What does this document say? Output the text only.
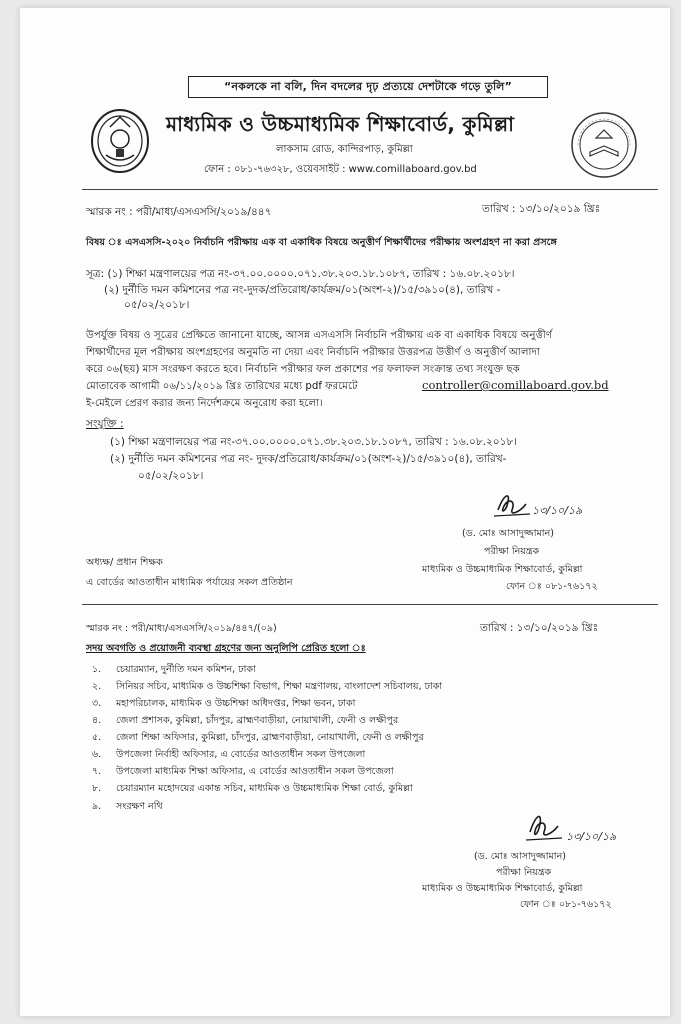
“নকলকে না বলি, দিন বদলের দৃঢ় প্রত্যয়ে দেশটাকে গড়ে তুলি”
মাধ্যমিক ও উচ্চমাধ্যমিক শিক্ষাবোর্ড, কুমিল্লা
লাকসাম রোড, কান্দিরপাড়, কুমিল্লা
ফোন : ০৮১-৭৬৩২৮, ওয়েবসাইট : www.comillaboard.gov.bd
স্মারক নং : পরী/মাধ্য/এসএসসি/২০১৯/৪৪৭	তারিখ : ১৩/১০/২০১৯ খ্রিঃ
বিষয় ঃ এসএসসি-২০২০ নির্বাচনি পরীক্ষায় এক বা একাধিক বিষয়ে অনুত্তীর্ণ শিক্ষার্থীদের পরীক্ষায় অংশগ্রহণ না করা প্রসঙ্গে
সূত্র: (১) শিক্ষা মন্ত্রণালয়ের পত্র নং-৩৭.০০.০০০০.০৭১.৩৮.২০৩.১৮.১০৮৭, তারিখ : ১৬.০৮.২০১৮।
(২) দুর্নীতি দমন কমিশনের পত্র নং-দুদক/প্রতিরোধ/কার্যক্রম/০১(অংশ-২)/১৫/৩৯১০(৪), তারিখ -
০৫/০২/২০১৮।
উপর্যুক্ত বিষয় ও সূত্রের প্রেক্ষিতে জানানো যাচ্ছে, আসন্ন এসএসসি নির্বাচনি পরীক্ষায় এক বা একাধিক বিষয়ে অনুত্তীর্ণ
শিক্ষার্থীদের মূল পরীক্ষায় অংশগ্রহণের অনুমতি না দেয়া এবং নির্বাচনি পরীক্ষার উত্তরপত্র উত্তীর্ণ ও অনুত্তীর্ণ আলাদা
করে ০৬(ছয়) মাস সংরক্ষণ করতে হবে। নির্বাচনি পরীক্ষার ফল প্রকাশের পর ফলাফল সংক্রান্ত তথ্য সংযুক্ত ছক
মোতাবেক আগামী ০৬/১১/২০১৯ খ্রিঃ তারিখের মধ্যে pdf ফরমেটে	controller@comillaboard.gov.bd
ই-মেইলে প্রেরণ করার জন্য নির্দেশক্রমে অনুরোধ করা হলো।
সংযুক্তি :
(১) শিক্ষা মন্ত্রণালয়ের পত্র নং-৩৭.০০.০০০০.০৭১.৩৮.২০৩.১৮.১০৮৭, তারিখ : ১৬.০৮.২০১৮।
(২) দুর্নীতি দমন কমিশনের পত্র নং- দুদক/প্রতিরোধ/কার্যক্রম/০১(অংশ-২)/১৫/৩৯১০(৪), তারিখ-
০৫/০২/২০১৮।
১৩/১০/১৯
(ড. মোঃ আসাদুজ্জামান)
পরীক্ষা নিয়ন্ত্রক
মাধ্যমিক ও উচ্চমাধ্যমিক শিক্ষাবোর্ড, কুমিল্লা
ফোন ঃ ০৮১-৭৬১৭২
অধ্যক্ষ/ প্রধান শিক্ষক
এ বোর্ডের আওতাধীন মাধ্যমিক পর্যায়ের সকল প্রতিষ্ঠান
স্মারক নং : পরী/মাধ্য/এসএসসি/২০১৯/৪৪৭/(০৯)	তারিখ : ১৩/১০/২০১৯ খ্রিঃ
সদয় অবগতি ও প্রয়োজনী ব্যবস্থা গ্রহণের জন্য অনুলিপি প্রেরিত হলো ঃ
১. চেয়ারম্যান, দুর্নীতি দমন কমিশন, ঢাকা
২. সিনিয়র সচিব, মাধ্যমিক ও উচ্চশিক্ষা বিভাগ, শিক্ষা মন্ত্রণালয়, বাংলাদেশ সচিবালয়, ঢাকা
৩. মহাপরিচালক, মাধ্যমিক ও উচ্চশিক্ষা অধিদপ্তর, শিক্ষা ভবন, ঢাকা
৪. জেলা প্রশাসক, কুমিল্লা, চাঁদপুর, ব্রাহ্মণবাড়ীয়া, নোয়াখালী, ফেনী ও লক্ষীপুর
৫. জেলা শিক্ষা অফিসার, কুমিল্লা, চাঁদপুর, ব্রাহ্মণবাড়ীয়া, নোয়াখালী, ফেনী ও লক্ষীপুর
৬. উপজেলা নির্বাহী অফিসার, এ বোর্ডের আওতাধীন সকল উপজেলা
৭. উপজেলা মাধ্যমিক শিক্ষা অফিসার, এ বোর্ডের আওতাধীন সকল উপজেলা
৮. চেয়ারম্যান মহোদয়ের একান্ত সচিব, মাধ্যমিক ও উচ্চমাধ্যমিক শিক্ষা বোর্ড, কুমিল্লা
৯. সংরক্ষণ নথি
১৩/১০/১৯
(ড. মোঃ আসাদুজ্জামান)
পরীক্ষা নিয়ন্ত্রক
মাধ্যমিক ও উচ্চমাধ্যমিক শিক্ষাবোর্ড, কুমিল্লা
ফোন ঃ ০৮১-৭৬১৭২
